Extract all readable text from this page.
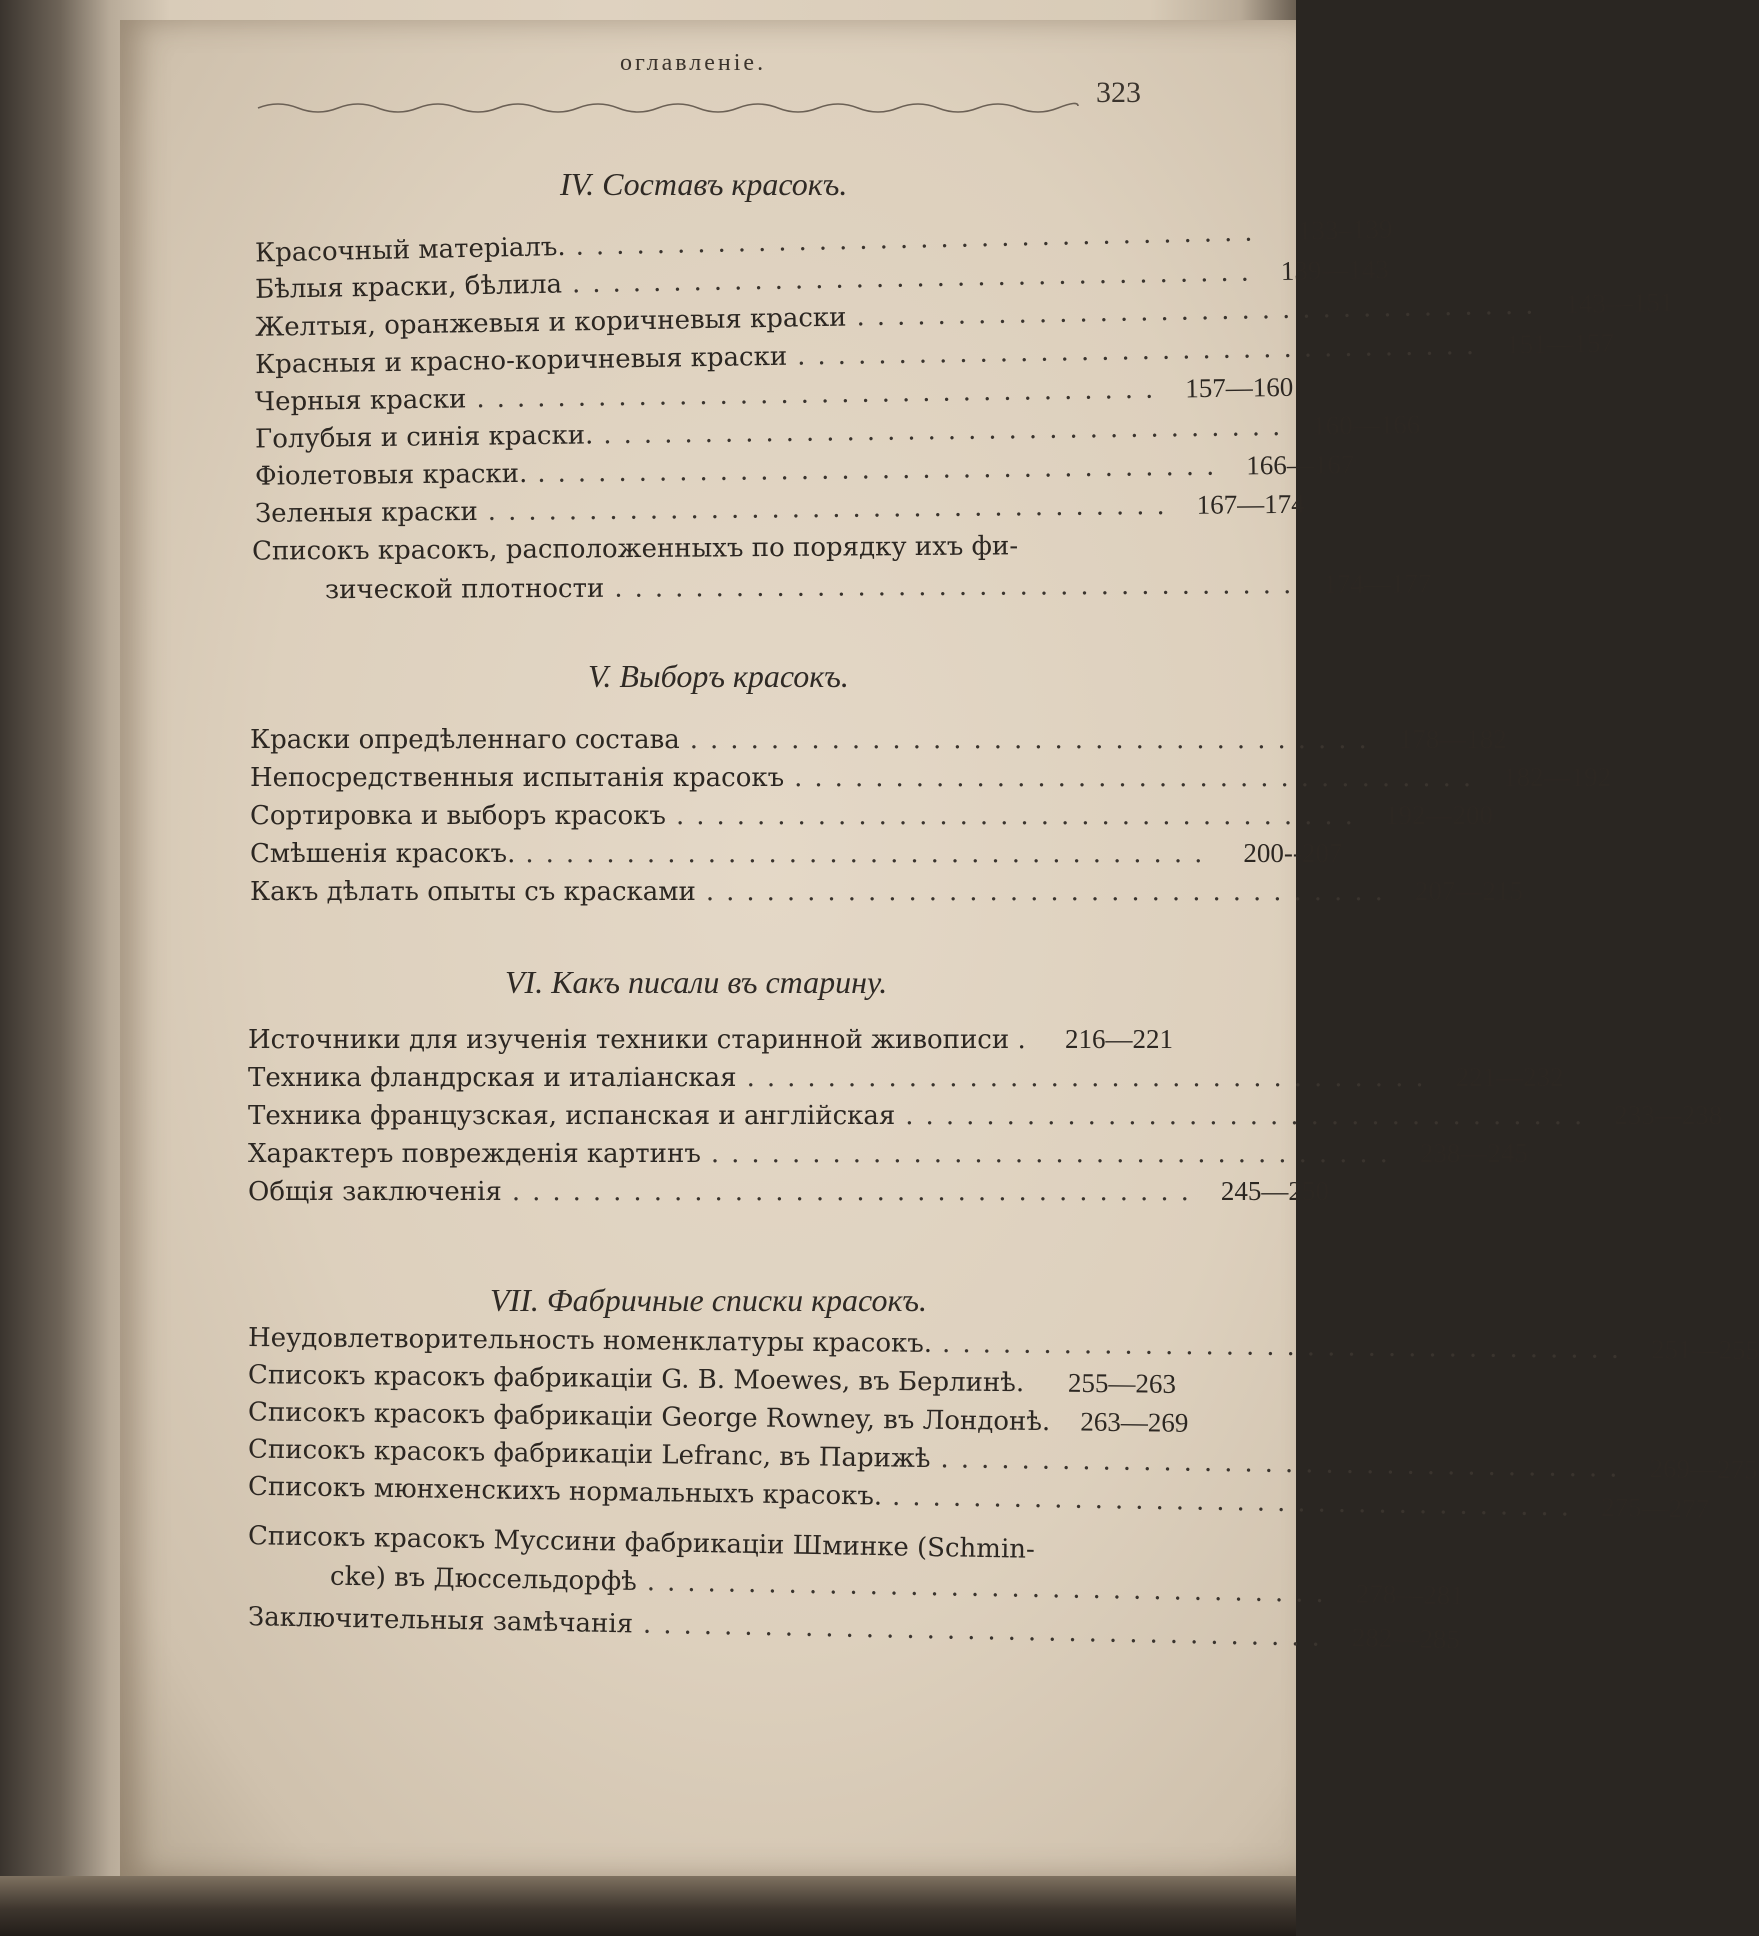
оглавленіе.
323
IV. Составъ красокъ.
Красочный матеріалъ. ..................................	133–139
Бѣлыя краски, бѣлила .................................. 139—143
Желтыя, оранжевыя и коричневыя краски .................................. 143—151
Красныя и красно-коричневыя краски .................................. 151—157
Черныя краски .................................. 157—160
Голубыя и синія краски. .................................. 160—166
Фіолетовыя краски. .................................. 166—167
Зеленыя краски .................................. 167—174
Списокъ красокъ, расположенныхъ по порядку ихъ фи-
зической плотности .................................. 174—177
V. Выборъ красокъ.
Краски опредѣленнаго состава .................................. 178—182
Непосредственныя испытанія красокъ .................................. 182—192
Сортировка и выборъ красокъ .................................. 192—200
Смѣшенія красокъ. ..................................	200--207
Какъ дѣлать опыты съ красками .................................. 207—215
VI. Какъ писали въ старину.
Источники для изученія техники старинной живописи .	216—221
Техника фландрская и италіанская .................................. 221—232
Техника французская, испанская и англійская .................................. 233—238
Характеръ поврежденія картинъ .................................. 238—245
Общія заключенія .................................. 245—250
VII. Фабричные списки красокъ.
Неудовлетворительность номенклатуры красокъ. .................................. 251—255
Списокъ красокъ фабрикаціи G. B. Moewes, въ Берлинѣ.	255—263
Списокъ красокъ фабрикаціи George Rowney, въ Лондонѣ.	263—269
Списокъ красокъ фабрикаціи Lefranc, въ Парижѣ .................................. 269—275
Списокъ мюнхенскихъ нормальныхъ красокъ. .................................. 275—277
Списокъ красокъ Муссини фабрикаціи Шминке (Schmin-
cke) въ Дюссельдорфѣ .................................. 278—281
Заключительныя замѣчанія .................................. 282—285
